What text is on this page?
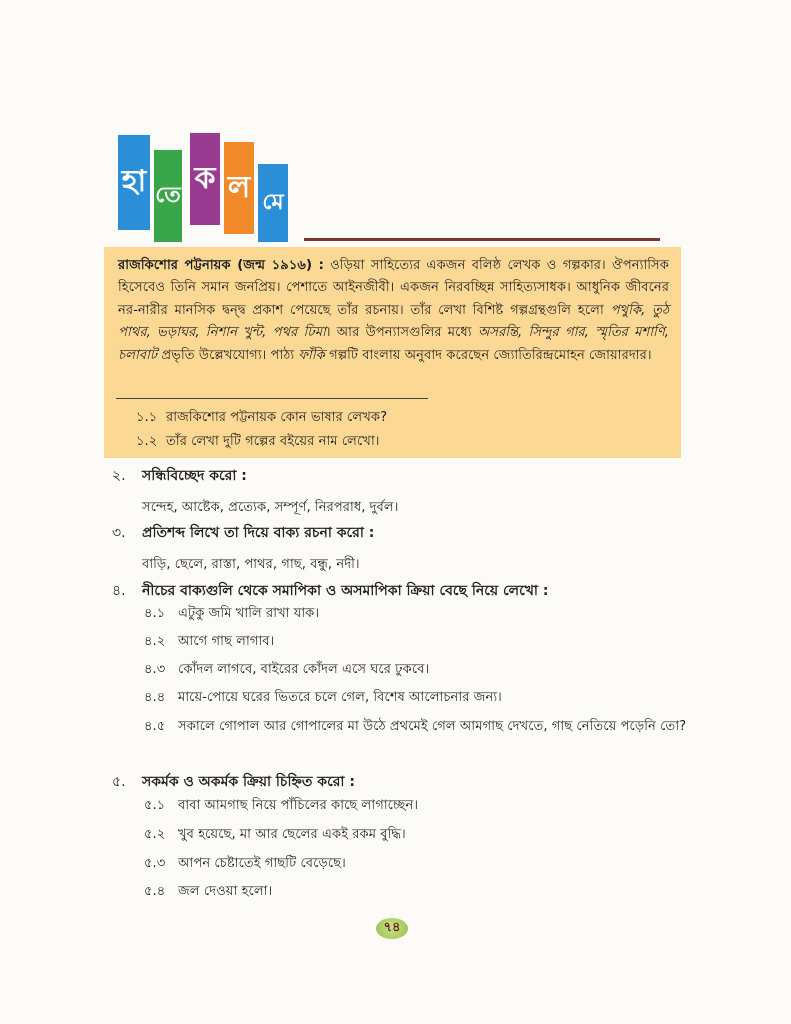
হা তে ক ল মে
রাজকিশোর পট্টনায়ক (জন্ম ১৯১৬) : ওড়িয়া সাহিত্যের একজন বলিষ্ঠ লেখক ও গল্পকার। ঔপন্যাসিক হিসেবেও তিনি সমান জনপ্রিয়। পেশাতে আইনজীবী। একজন নিরবচ্ছিন্ন সাহিত্যসাধক। আধুনিক জীবনের নর-নারীর মানসিক দ্বন্দ্ব প্রকাশ পেয়েছে তাঁর রচনায়। তাঁর লেখা বিশিষ্ট গল্পগ্রন্থগুলি হলো পথুকি, তুঠ পাথর, ভড়াঘর, নিশান খুন্ট, পথর ঢিমা। আর উপন্যাসগুলির মধ্যে অসরন্তি, সিন্দুর গার, স্মৃতির মশাণি, চলাবাট প্রভৃতি উল্লেখযোগ্য। পাঠ্য ফাঁকি গল্পটি বাংলায় অনুবাদ করেছেন জ্যোতিরিন্দ্রমোহন জোয়ারদার।
১.১ রাজকিশোর পট্টনায়ক কোন ভাষার লেখক?
১.২ তাঁর লেখা দুটি গল্পের বইয়ের নাম লেখো।
২. সন্ধিবিচ্ছেদ করো :
সন্দেহ, আষ্টেক, প্রত্যেক, সম্পূর্ণ, নিরপরাধ, দুর্বল।
৩. প্রতিশব্দ লিখে তা দিয়ে বাক্য রচনা করো :
বাড়ি, ছেলে, রাস্তা, পাথর, গাছ, বন্ধু, নদী।
৪. নীচের বাক্যগুলি থেকে সমাপিকা ও অসমাপিকা ক্রিয়া বেছে নিয়ে লেখো :
৪.১ এটুকু জমি খালি রাখা যাক।
৪.২ আগে গাছ লাগাব।
৪.৩ কোঁদল লাগবে, বাইরের কোঁদল এসে ঘরে ঢুকবে।
৪.৪ মায়ে-পোয়ে ঘরের ভিতরে চলে গেল, বিশেষ আলোচনার জন্য।
৪.৫ সকালে গোপাল আর গোপালের মা উঠে প্রথমেই গেল আমগাছ দেখতে, গাছ নেতিয়ে পড়েনি তো?
৫. সকর্মক ও অকর্মক ক্রিয়া চিহ্নিত করো :
৫.১ বাবা আমগাছ নিয়ে পাঁচিলের কাছে লাগাচ্ছেন।
৫.২ খুব হয়েছে, মা আর ছেলের একই রকম বুদ্ধি।
৫.৩ আপন চেষ্টাতেই গাছটি বেড়েছে।
৫.৪ জল দেওয়া হলো।
৭৪
